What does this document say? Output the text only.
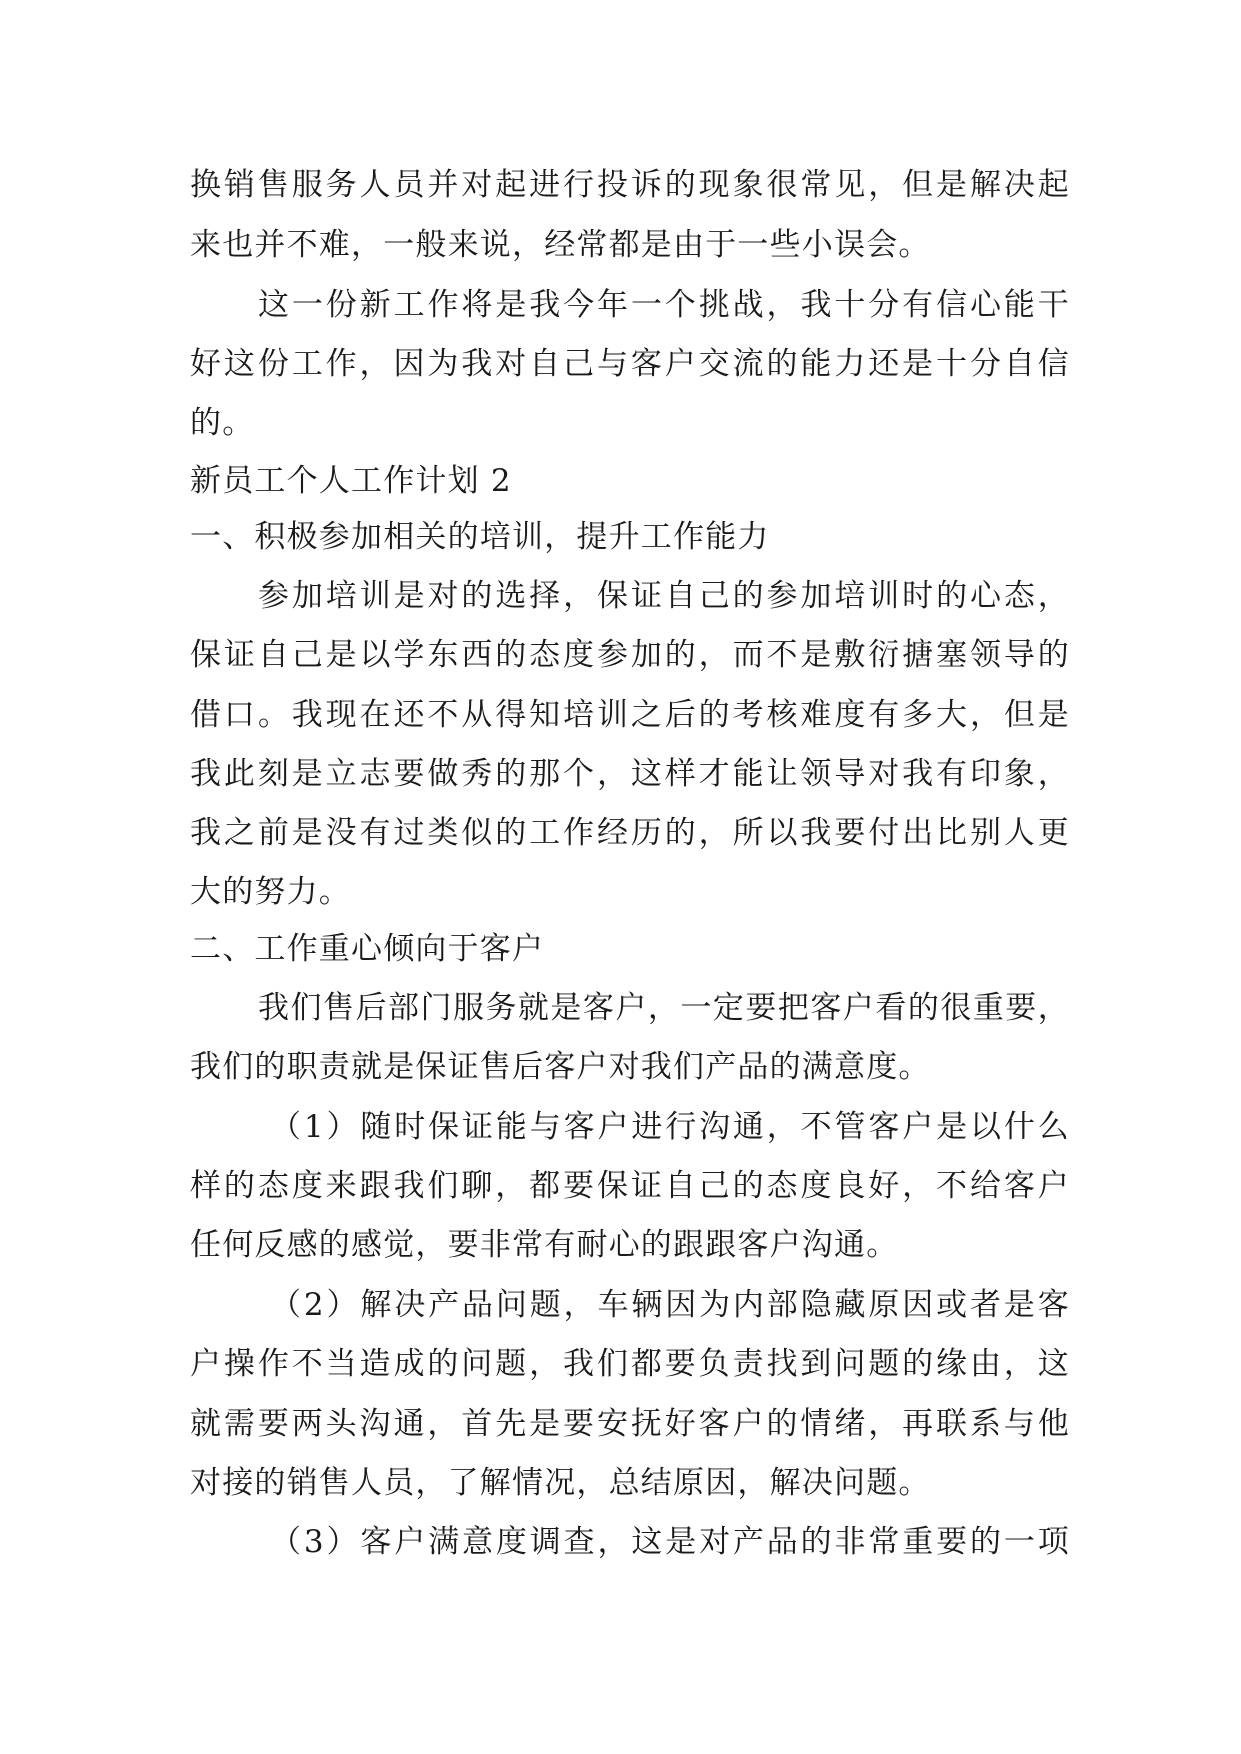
换销售服务人员并对起进行投诉的现象很常见，但是解决起
来也并不难，一般来说，经常都是由于一些小误会。
这一份新工作将是我今年一个挑战，我十分有信心能干
好这份工作，因为我对自己与客户交流的能力还是十分自信
的。
新员工个人工作计划 2
一、积极参加相关的培训，提升工作能力
参加培训是对的选择，保证自己的参加培训时的心态，
保证自己是以学东西的态度参加的，而不是敷衍搪塞领导的
借口。我现在还不从得知培训之后的考核难度有多大，但是
我此刻是立志要做秀的那个，这样才能让领导对我有印象，
我之前是没有过类似的工作经历的，所以我要付出比别人更
大的努力。
二、工作重心倾向于客户
我们售后部门服务就是客户，一定要把客户看的很重要，
我们的职责就是保证售后客户对我们产品的满意度。
（1）随时保证能与客户进行沟通，不管客户是以什么
样的态度来跟我们聊，都要保证自己的态度良好，不给客户
任何反感的感觉，要非常有耐心的跟跟客户沟通。
（2）解决产品问题，车辆因为内部隐藏原因或者是客
户操作不当造成的问题，我们都要负责找到问题的缘由，这
就需要两头沟通，首先是要安抚好客户的情绪，再联系与他
对接的销售人员，了解情况，总结原因，解决问题。
（3）客户满意度调查，这是对产品的非常重要的一项
